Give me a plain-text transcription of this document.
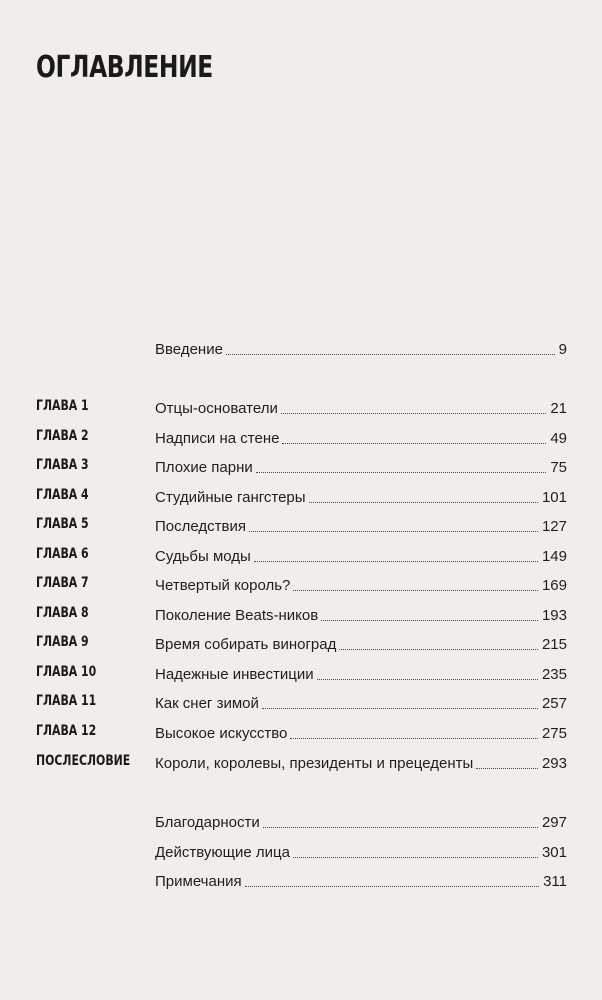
ОГЛАВЛЕНИЕ
Введение	9
ГЛАВА 1	Отцы-основатели	21
ГЛАВА 2	Надписи на стене	49
ГЛАВА 3	Плохие парни	75
ГЛАВА 4	Студийные гангстеры	101
ГЛАВА 5	Последствия	127
ГЛАВА 6	Судьбы моды	149
ГЛАВА 7	Четвертый король?	169
ГЛАВА 8	Поколение Beats-ников	193
ГЛАВА 9	Время собирать виноград	215
ГЛАВА 10	Надежные инвестиции	235
ГЛАВА 11	Как снег зимой	257
ГЛАВА 12	Высокое искусство	275
ПОСЛЕСЛОВИЕ Короли, королевы, президенты и прецеденты	293
Благодарности	297
Действующие лица	301
Примечания	311
